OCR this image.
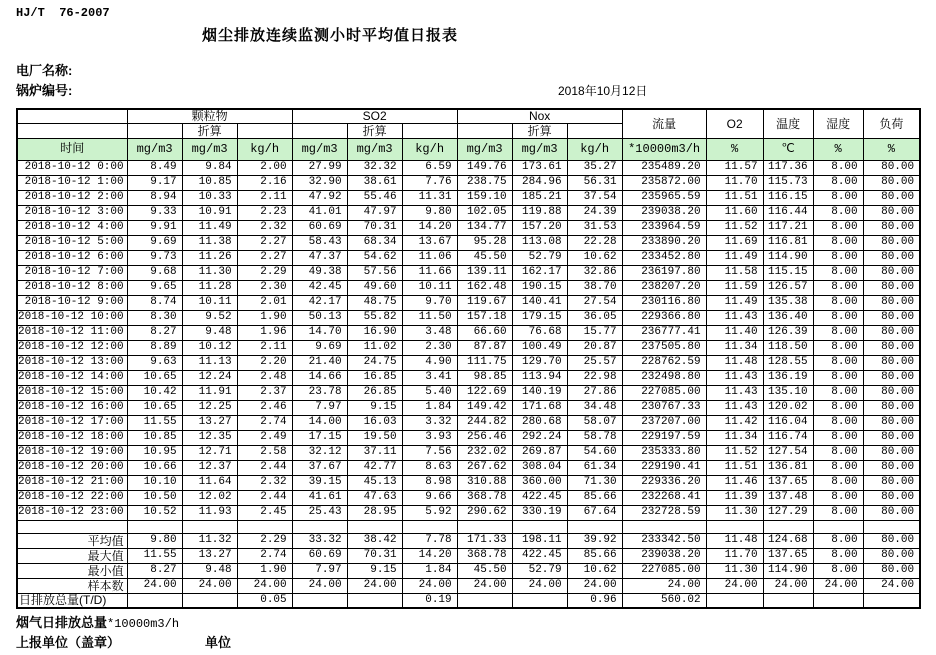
HJ/T  76-2007
烟尘排放连续监测小时平均值日报表
电厂名称:
锅炉编号:	2018年10月12日
	颗粒物			SO2			Nox			流量	O2	温度	湿度	负荷
		折算			折算			折算						
时间	mg/m3	mg/m3	kg/h	mg/m3	mg/m3	kg/h	mg/m3	mg/m3	kg/h	*10000m3/h	%	℃	%	%
2018-10-12 0:00	8.49	9.84	2.00	27.99	32.32	6.59	149.76	173.61	35.27	235489.20	11.57	117.36	8.00	80.00
2018-10-12 1:00	9.17	10.85	2.16	32.90	38.61	7.76	238.75	284.96	56.31	235872.00	11.70	115.73	8.00	80.00
2018-10-12 2:00	8.94	10.33	2.11	47.92	55.46	11.31	159.10	185.21	37.54	235965.59	11.51	116.15	8.00	80.00
2018-10-12 3:00	9.33	10.91	2.23	41.01	47.97	9.80	102.05	119.88	24.39	239038.20	11.60	116.44	8.00	80.00
2018-10-12 4:00	9.91	11.49	2.32	60.69	70.31	14.20	134.77	157.20	31.53	233964.59	11.52	117.21	8.00	80.00
2018-10-12 5:00	9.69	11.38	2.27	58.43	68.34	13.67	95.28	113.08	22.28	233890.20	11.69	116.81	8.00	80.00
2018-10-12 6:00	9.73	11.26	2.27	47.37	54.62	11.06	45.50	52.79	10.62	233452.80	11.49	114.90	8.00	80.00
2018-10-12 7:00	9.68	11.30	2.29	49.38	57.56	11.66	139.11	162.17	32.86	236197.80	11.58	115.15	8.00	80.00
2018-10-12 8:00	9.65	11.28	2.30	42.45	49.60	10.11	162.48	190.15	38.70	238207.20	11.59	126.57	8.00	80.00
2018-10-12 9:00	8.74	10.11	2.01	42.17	48.75	9.70	119.67	140.41	27.54	230116.80	11.49	135.38	8.00	80.00
2018-10-12 10:00	8.30	9.52	1.90	50.13	55.82	11.50	157.18	179.15	36.05	229366.80	11.43	136.40	8.00	80.00
2018-10-12 11:00	8.27	9.48	1.96	14.70	16.90	3.48	66.60	76.68	15.77	236777.41	11.40	126.39	8.00	80.00
2018-10-12 12:00	8.89	10.12	2.11	9.69	11.02	2.30	87.87	100.49	20.87	237505.80	11.34	118.50	8.00	80.00
2018-10-12 13:00	9.63	11.13	2.20	21.40	24.75	4.90	111.75	129.70	25.57	228762.59	11.48	128.55	8.00	80.00
2018-10-12 14:00	10.65	12.24	2.48	14.66	16.85	3.41	98.85	113.94	22.98	232498.80	11.43	136.19	8.00	80.00
2018-10-12 15:00	10.42	11.91	2.37	23.78	26.85	5.40	122.69	140.19	27.86	227085.00	11.43	135.10	8.00	80.00
2018-10-12 16:00	10.65	12.25	2.46	7.97	9.15	1.84	149.42	171.68	34.48	230767.33	11.43	120.02	8.00	80.00
2018-10-12 17:00	11.55	13.27	2.74	14.00	16.03	3.32	244.82	280.68	58.07	237207.00	11.42	116.04	8.00	80.00
2018-10-12 18:00	10.85	12.35	2.49	17.15	19.50	3.93	256.46	292.24	58.78	229197.59	11.34	116.74	8.00	80.00
2018-10-12 19:00	10.95	12.71	2.58	32.12	37.11	7.56	232.02	269.87	54.60	235333.80	11.52	127.54	8.00	80.00
2018-10-12 20:00	10.66	12.37	2.44	37.67	42.77	8.63	267.62	308.04	61.34	229190.41	11.51	136.81	8.00	80.00
2018-10-12 21:00	10.10	11.64	2.32	39.15	45.13	8.98	310.88	360.00	71.30	229336.20	11.46	137.65	8.00	80.00
2018-10-12 22:00	10.50	12.02	2.44	41.61	47.63	9.66	368.78	422.45	85.66	232268.41	11.39	137.48	8.00	80.00
2018-10-12 23:00	10.52	11.93	2.45	25.43	28.95	5.92	290.62	330.19	67.64	232728.59	11.30	127.29	8.00	80.00

平均值	9.80	11.32	2.29	33.32	38.42	7.78	171.33	198.11	39.92	233342.50	11.48	124.68	8.00	80.00
最大值	11.55	13.27	2.74	60.69	70.31	14.20	368.78	422.45	85.66	239038.20	11.70	137.65	8.00	80.00
最小值	8.27	9.48	1.90	7.97	9.15	1.84	45.50	52.79	10.62	227085.00	11.30	114.90	8.00	80.00
样本数	24.00	24.00	24.00	24.00	24.00	24.00	24.00	24.00	24.00	24.00	24.00	24.00	24.00	24.00
日排放总量(T/D)			0.05			0.19			0.96	560.02				
烟气日排放总量*10000m3/h
上报单位（盖章）	单位
